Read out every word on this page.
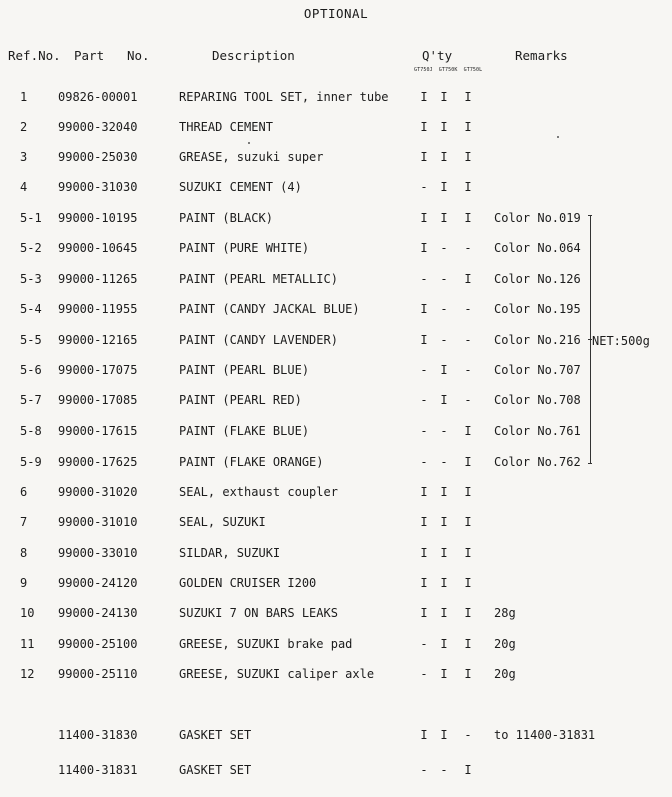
OPTIONAL
Ref.No. Part No.	Description	Q'ty	Remarks
GT750J GT750K GT750L
1	09826-00001	REPARING TOOL SET, inner tube	I I I
2	99000-32040	THREAD CEMENT	I I I
3	99000-25030	GREASE, suzuki super	I I I
4	99000-31030	SUZUKI CEMENT (4)	- I I
5-1 99000-10195	PAINT (BLACK)	I I I Color No.019
5-2 99000-10645	PAINT (PURE WHITE)	I - - Color No.064
5-3 99000-11265	PAINT (PEARL METALLIC)	- - I Color No.126
5-4 99000-11955	PAINT (CANDY JACKAL BLUE)	I - - Color No.195
5-5 99000-12165	PAINT (CANDY LAVENDER)	I - - Color No.216
5-6 99000-17075	PAINT (PEARL BLUE)	- I - Color No.707
5-7 99000-17085	PAINT (PEARL RED)	- I - Color No.708
5-8 99000-17615	PAINT (FLAKE BLUE)	- - I Color No.761
5-9 99000-17625	PAINT (FLAKE ORANGE)	- - I Color No.762
6	99000-31020	SEAL, exthaust coupler	I I I
7	99000-31010	SEAL, SUZUKI	I I I
8	99000-33010	SILDAR, SUZUKI	I I I
9	99000-24120	GOLDEN CRUISER I200	I I I
10 99000-24130	SUZUKI 7 ON BARS LEAKS	I I I 28g
11 99000-25100	GREESE, SUZUKI brake pad	- I I 20g
12 99000-25110	GREESE, SUZUKI caliper axle	- I I 20g
11400-31830	GASKET SET	I I - to 11400-31831
11400-31831	GASKET SET	- - I
NET:500g
